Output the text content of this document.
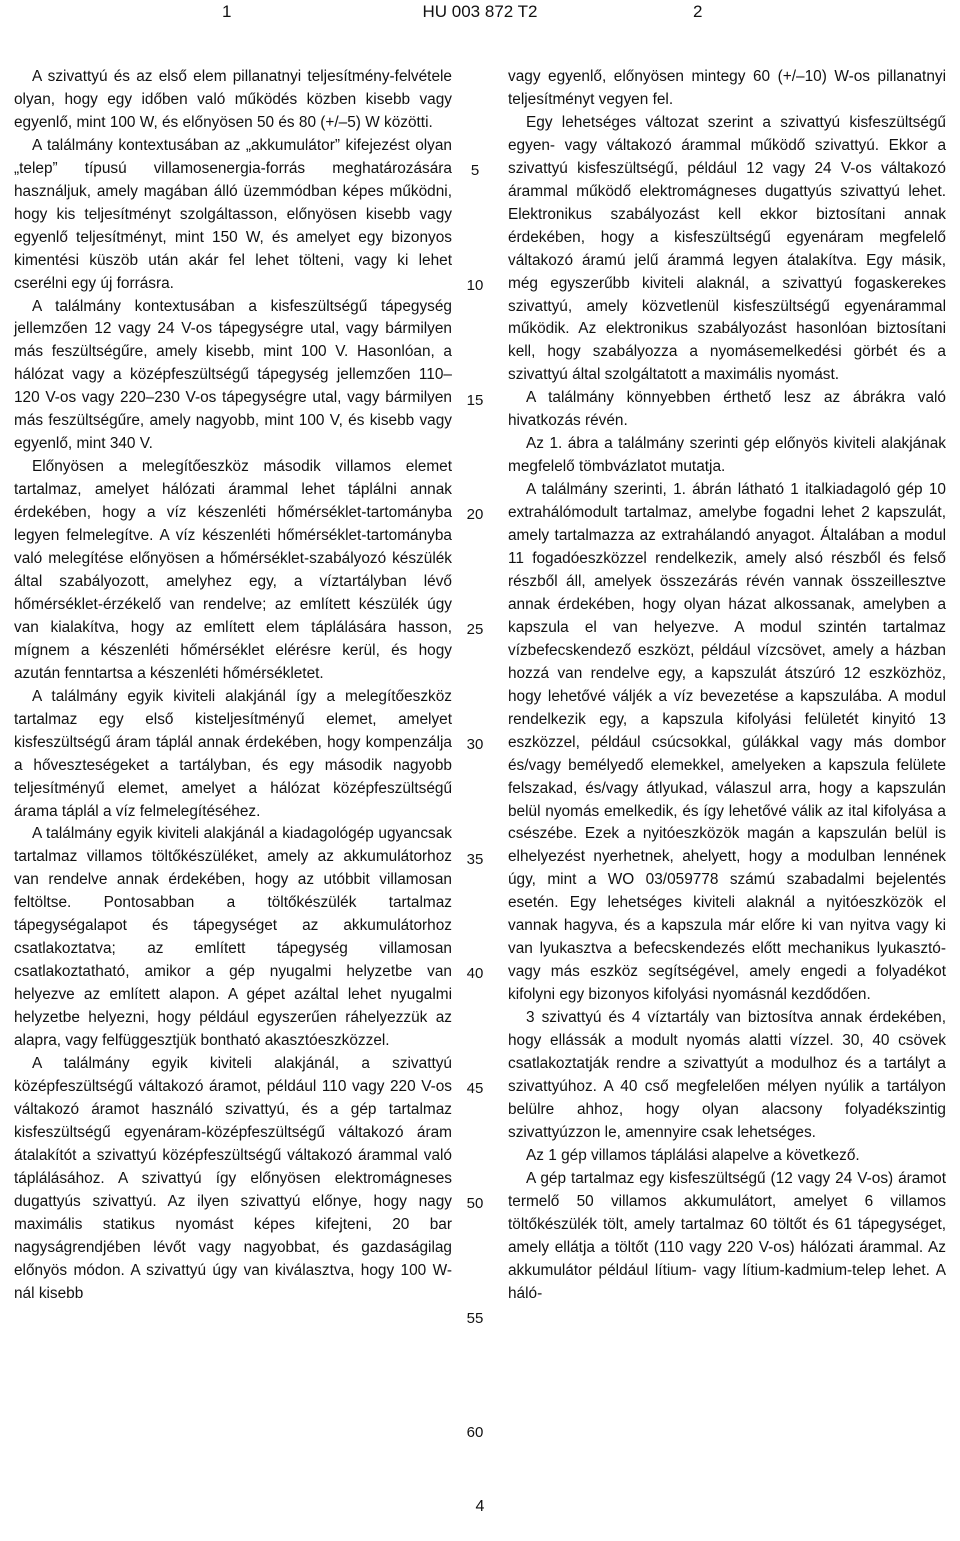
1	HU 003 872 T2	2

A szivattyú és az első elem pillanatnyi teljesítmény-felvétele olyan, hogy egy időben való működés közben kisebb vagy egyenlő, mint 100 W, és előnyösen 50 és 80 (+/–5) W közötti.

A találmány kontextusában az „akkumulátor” kifejezést olyan „telep” típusú villamosenergia-forrás meghatározására használjuk, amely magában álló üzemmódban képes működni, hogy kis teljesítményt szolgáltasson, előnyösen kisebb vagy egyenlő teljesítményt, mint 150 W, és amelyet egy bizonyos kimentési küszöb után akár fel lehet tölteni, vagy ki lehet cserélni egy új forrásra.

A találmány kontextusában a kisfeszültségű tápegység jellemzően 12 vagy 24 V-os tápegységre utal, vagy bármilyen más feszültségűre, amely kisebb, mint 100 V. Hasonlóan, a hálózat vagy a középfeszültségű tápegység jellemzően 110–120 V-os vagy 220–230 V-os tápegységre utal, vagy bármilyen más feszültségűre, amely nagyobb, mint 100 V, és kisebb vagy egyenlő, mint 340 V.

Előnyösen a melegítőeszköz második villamos elemet tartalmaz, amelyet hálózati árammal lehet táplálni annak érdekében, hogy a víz készenléti hőmérséklet-tartományba legyen felmelegítve. A víz készenléti hőmérséklet-tartományba való melegítése előnyösen a hőmérséklet-szabályozó készülék által szabályozott, amelyhez egy, a víztartályban lévő hőmérséklet-érzékelő van rendelve; az említett készülék úgy van kialakítva, hogy az említett elem táplálására hasson, mígnem a készenléti hőmérséklet elérésre kerül, és hogy azután fenntartsa a készenléti hőmérsékletet.

A találmány egyik kiviteli alakjánál így a melegítőeszköz tartalmaz egy első kisteljesítményű elemet, amelyet kisfeszültségű áram táplál annak érdekében, hogy kompenzálja a hőveszteségeket a tartályban, és egy második nagyobb teljesítményű elemet, amelyet a hálózat középfeszültségű árama táplál a víz felmelegítéséhez.

A találmány egyik kiviteli alakjánál a kiadagológép ugyancsak tartalmaz villamos töltőkészüléket, amely az akkumulátorhoz van rendelve annak érdekében, hogy az utóbbit villamosan feltöltse. Pontosabban a töltőkészülék tartalmaz tápegységalapot és tápegységet az akkumulátorhoz csatlakoztatva; az említett tápegység villamosan csatlakoztatható, amikor a gép nyugalmi helyzetbe van helyezve az említett alapon. A gépet azáltal lehet nyugalmi helyzetbe helyezni, hogy például egyszerűen ráhelyezzük az alapra, vagy felfüggesztjük bontható akasztóeszközzel.

A találmány egyik kiviteli alakjánál, a szivattyú középfeszültségű váltakozó áramot, például 110 vagy 220 V-os váltakozó áramot használó szivattyú, és a gép tartalmaz kisfeszültségű egyenáram-középfeszültségű váltakozó áram átalakítót a szivattyú középfeszültségű váltakozó árammal való táplálásához. A szivattyú így előnyösen elektromágneses dugattyús szivattyú. Az ilyen szivattyú előnye, hogy nagy maximális statikus nyomást képes kifejteni, 20 bar nagyságrendjében lévőt vagy nagyobbat, és gazdaságilag előnyös módon. A szivattyú úgy van kiválasztva, hogy 100 W-nál kisebb

vagy egyenlő, előnyösen mintegy 60 (+/–10) W-os pillanatnyi teljesítményt vegyen fel.

Egy lehetséges változat szerint a szivattyú kisfeszültségű egyen- vagy váltakozó árammal működő szivattyú. Ekkor a szivattyú kisfeszültségű, például 12 vagy 24 V-os váltakozó árammal működő elektromágneses dugattyús szivattyú lehet. Elektronikus szabályozást kell ekkor biztosítani annak érdekében, hogy a kisfeszültségű egyenáram megfelelő váltakozó áramú jelű árammá legyen átalakítva. Egy másik, még egyszerűbb kiviteli alaknál, a szivattyú fogaskerekes szivattyú, amely közvetlenül kisfeszültségű egyenárammal működik. Az elektronikus szabályozást hasonlóan biztosítani kell, hogy szabályozza a nyomásemelkedési görbét és a szivattyú által szolgáltatott a maximális nyomást.

A találmány könnyebben érthető lesz az ábrákra való hivatkozás révén.

Az 1. ábra a találmány szerinti gép előnyös kiviteli alakjának megfelelő tömbvázlatot mutatja.

A találmány szerinti, 1. ábrán látható 1 italkiadagoló gép 10 extrahálómodult tartalmaz, amelybe fogadni lehet 2 kapszulát, amely tartalmazza az extrahálandó anyagot. Általában a modul 11 fogadóeszközzel rendelkezik, amely alsó részből és felső részből áll, amelyek összezárás révén vannak összeillesztve annak érdekében, hogy olyan házat alkossanak, amelyben a kapszula el van helyezve. A modul szintén tartalmaz vízbefecskendező eszközt, például vízcsövet, amely a házban hozzá van rendelve egy, a kapszulát átszúró 12 eszközhöz, hogy lehetővé váljék a víz bevezetése a kapszulába. A modul rendelkezik egy, a kapszula kifolyási felületét kinyitó 13 eszközzel, például csúcsokkal, gúlákkal vagy más dombor és/vagy bemélyedő elemekkel, amelyeken a kapszula felülete felszakad, és/vagy átlyukad, válaszul arra, hogy a kapszulán belül nyomás emelkedik, és így lehetővé válik az ital kifolyása a csészébe. Ezek a nyitóeszközök magán a kapszulán belül is elhelyezést nyerhetnek, ahelyett, hogy a modulban lennének úgy, mint a WO 03/059778 számú szabadalmi bejelentés esetén. Egy lehetséges kiviteli alaknál a nyitóeszközök el vannak hagyva, és a kapszula már előre ki van nyitva vagy ki van lyukasztva a befecskendezés előtt mechanikus lyukasztó- vagy más eszköz segítségével, amely engedi a folyadékot kifolyni egy bizonyos kifolyási nyomásnál kezdődően.

3 szivattyú és 4 víztartály van biztosítva annak érdekében, hogy ellássák a modult nyomás alatti vízzel. 30, 40 csövek csatlakoztatják rendre a szivattyút a modulhoz és a tartályt a szivattyúhoz. A 40 cső megfelelően mélyen nyúlik a tartályon belülre ahhoz, hogy olyan alacsony folyadékszintig szivattyúzzon le, amennyire csak lehetséges.

Az 1 gép villamos táplálási alapelve a következő.

A gép tartalmaz egy kisfeszültségű (12 vagy 24 V-os) áramot termelő 50 villamos akkumulátort, amelyet 6 villamos töltőkészülék tölt, amely tartalmaz 60 töltőt és 61 tápegységet, amely ellátja a töltőt (110 vagy 220 V-os) hálózati árammal. Az akkumulátor például lítium- vagy lítium-kadmium-telep lehet. A háló-

5
10
15
20
25
30
35
40
45
50
55
60
4
